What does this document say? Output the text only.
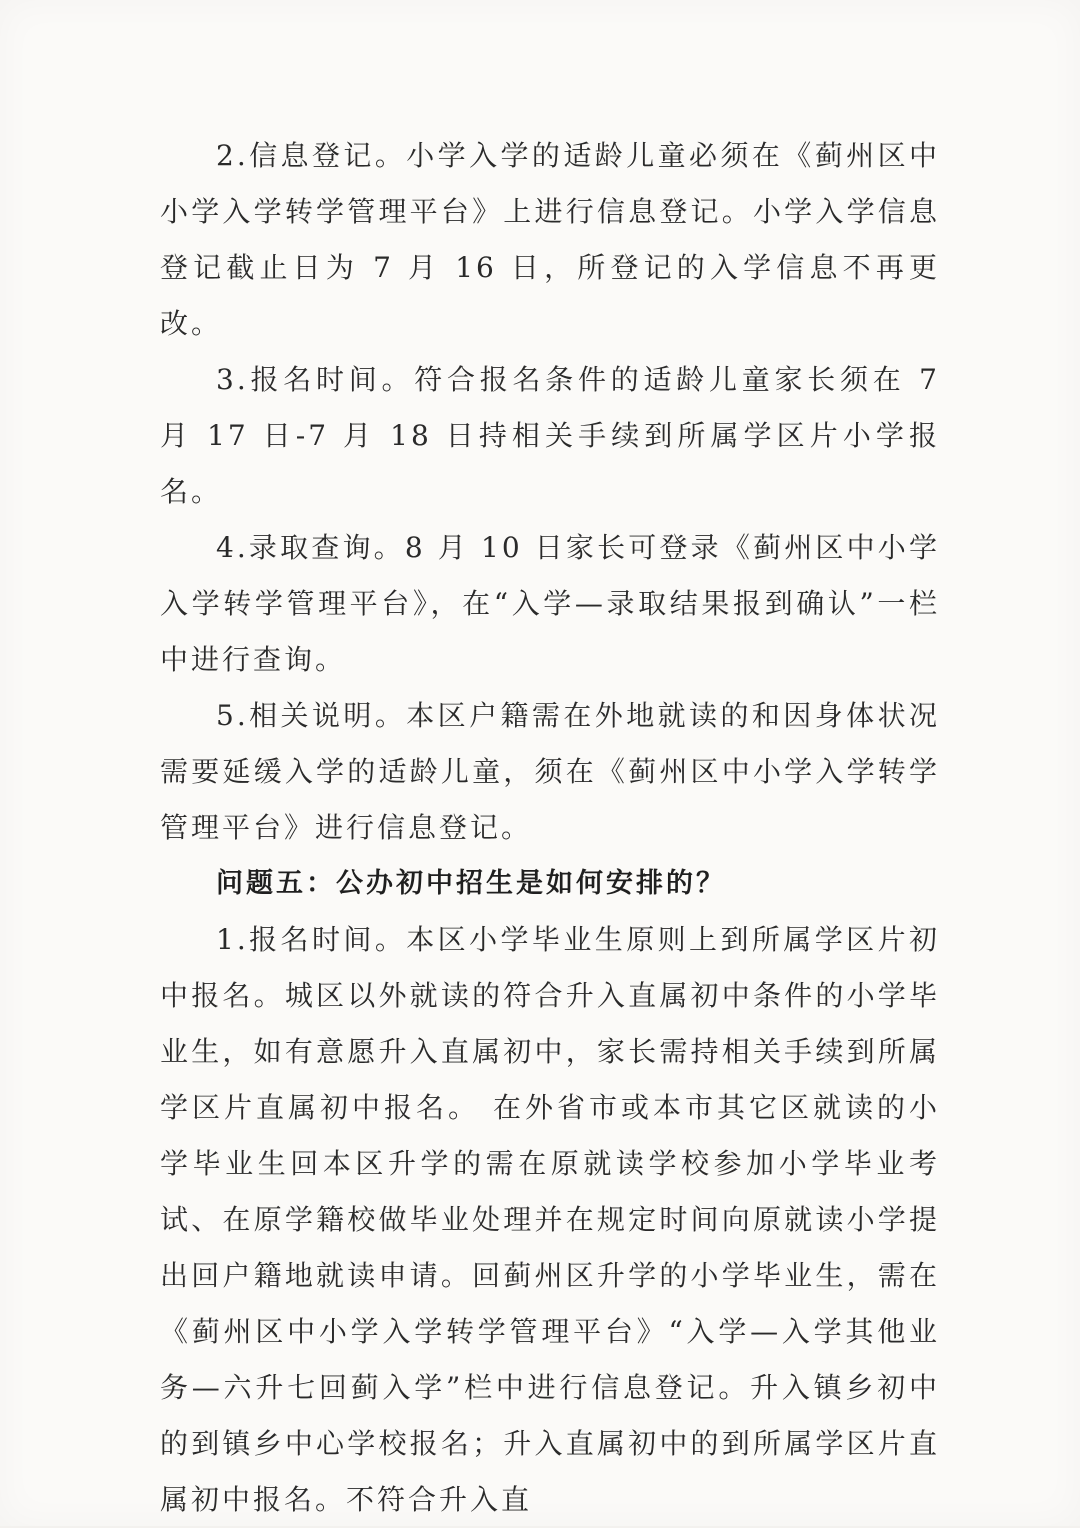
2.信息登记。小学入学的适龄儿童必须在《蓟州区中小学入学转学管理平台》上进行信息登记。小学入学信息登记截止日为 7 月 16 日，所登记的入学信息不再更改。

3.报名时间。符合报名条件的适龄儿童家长须在 7 月 17 日-7 月 18 日持相关手续到所属学区片小学报名。

4.录取查询。8 月 10 日家长可登录《蓟州区中小学入学转学管理平台》，在“入学—录取结果报到确认”一栏中进行查询。

5.相关说明。本区户籍需在外地就读的和因身体状况需要延缓入学的适龄儿童，须在《蓟州区中小学入学转学管理平台》进行信息登记。

问题五：公办初中招生是如何安排的？

1.报名时间。本区小学毕业生原则上到所属学区片初中报名。城区以外就读的符合升入直属初中条件的小学毕业生，如有意愿升入直属初中，家长需持相关手续到所属学区片直属初中报名。 在外省市或本市其它区就读的小学毕业生回本区升学的需在原就读学校参加小学毕业考试、在原学籍校做毕业处理并在规定时间向原就读小学提出回户籍地就读申请。回蓟州区升学的小学毕业生，需在《蓟州区中小学入学转学管理平台》“入学—入学其他业务—六升七回蓟入学”栏中进行信息登记。升入镇乡初中的到镇乡中心学校报名；升入直属初中的到所属学区片直属初中报名。不符合升入直
